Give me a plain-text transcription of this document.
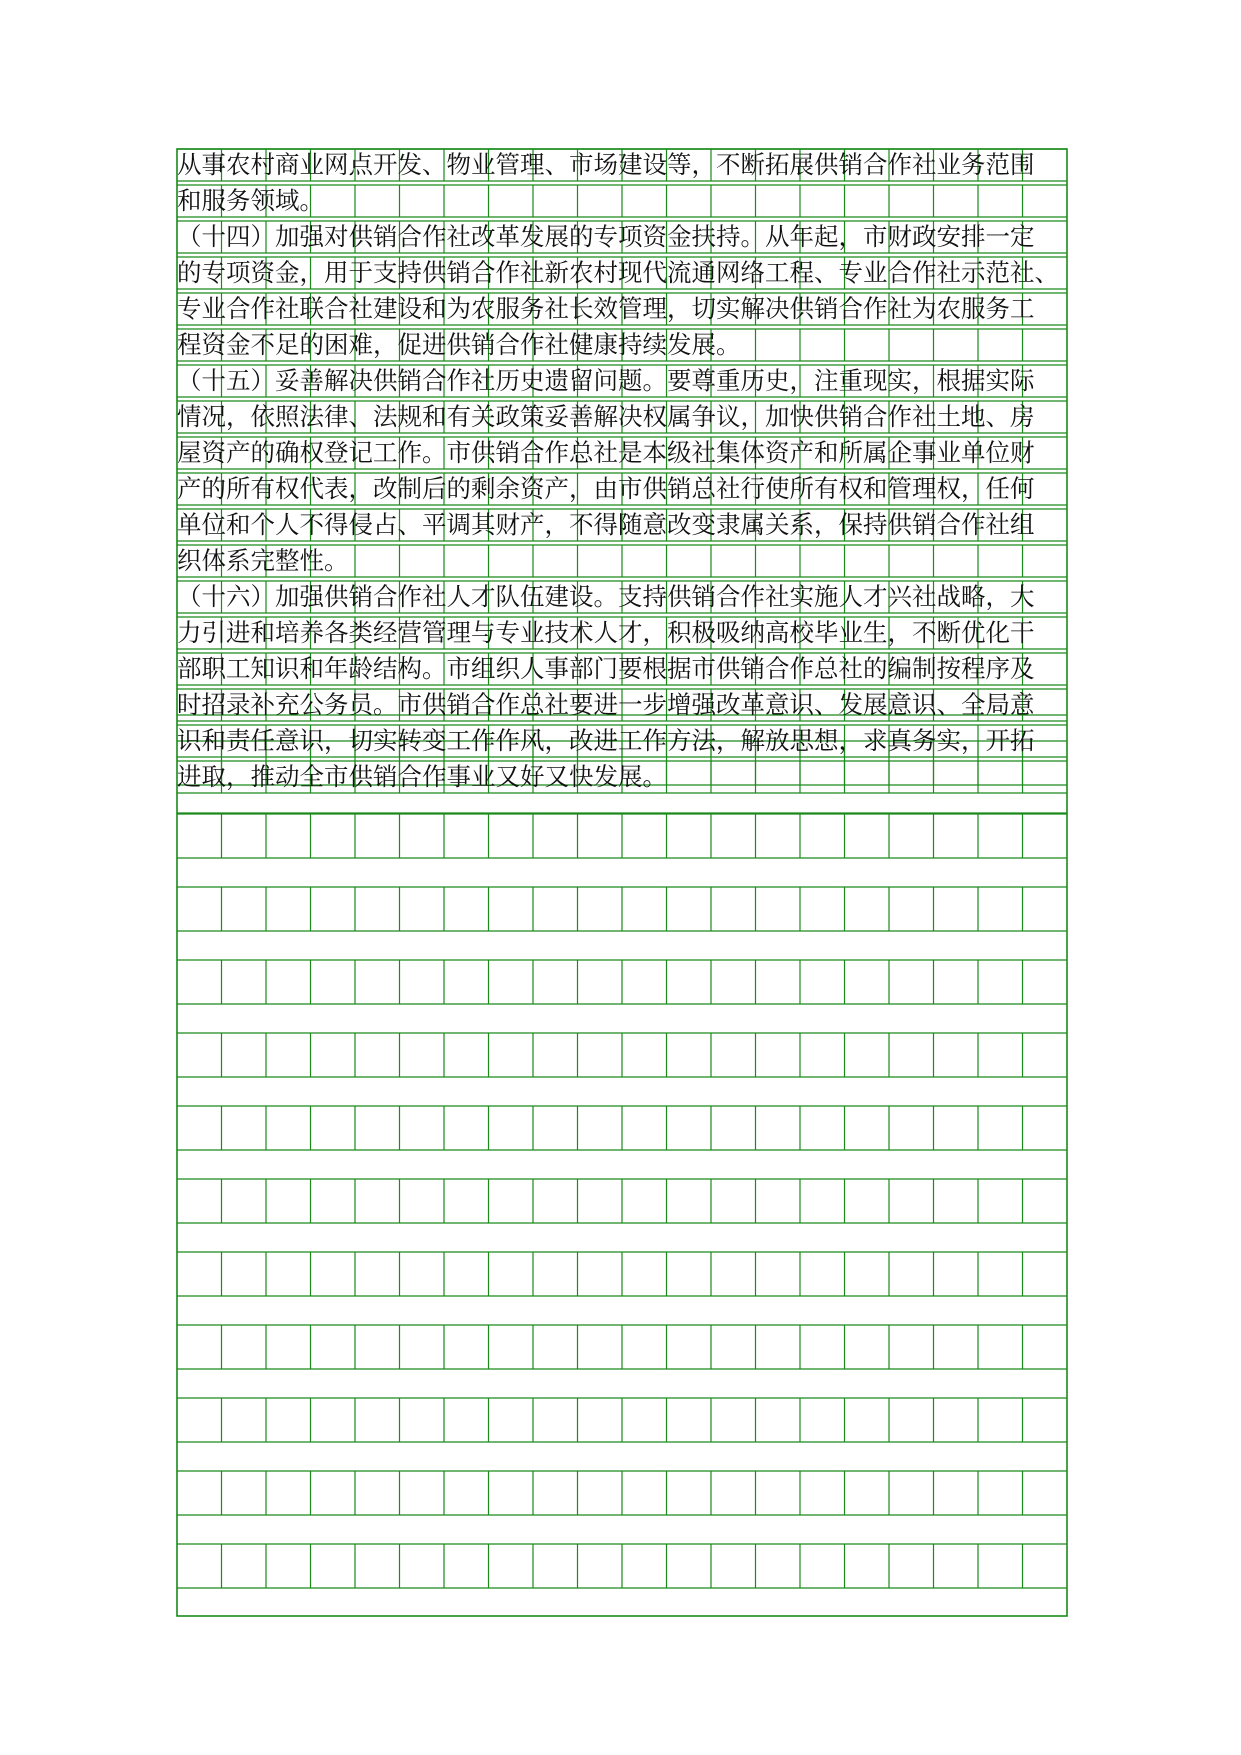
从事农村商业网点开发、物业管理、市场建设等，不断拓展供销合作社业务范围
和服务领域。
（十四）加强对供销合作社改革发展的专项资金扶持。从年起，市财政安排一定
的专项资金，用于支持供销合作社新农村现代流通网络工程、专业合作社示范社、
专业合作社联合社建设和为农服务社长效管理，切实解决供销合作社为农服务工
程资金不足的困难，促进供销合作社健康持续发展。
（十五）妥善解决供销合作社历史遗留问题。要尊重历史，注重现实，根据实际
情况，依照法律、法规和有关政策妥善解决权属争议，加快供销合作社土地、房
屋资产的确权登记工作。市供销合作总社是本级社集体资产和所属企事业单位财
产的所有权代表，改制后的剩余资产，由市供销总社行使所有权和管理权，任何
单位和个人不得侵占、平调其财产，不得随意改变隶属关系，保持供销合作社组
织体系完整性。
（十六）加强供销合作社人才队伍建设。支持供销合作社实施人才兴社战略，大
力引进和培养各类经营管理与专业技术人才，积极吸纳高校毕业生，不断优化干
部职工知识和年龄结构。市组织人事部门要根据市供销合作总社的编制按程序及
时招录补充公务员。市供销合作总社要进一步增强改革意识、发展意识、全局意
识和责任意识，切实转变工作作风，改进工作方法，解放思想，求真务实，开拓
进取，推动全市供销合作事业又好又快发展。
